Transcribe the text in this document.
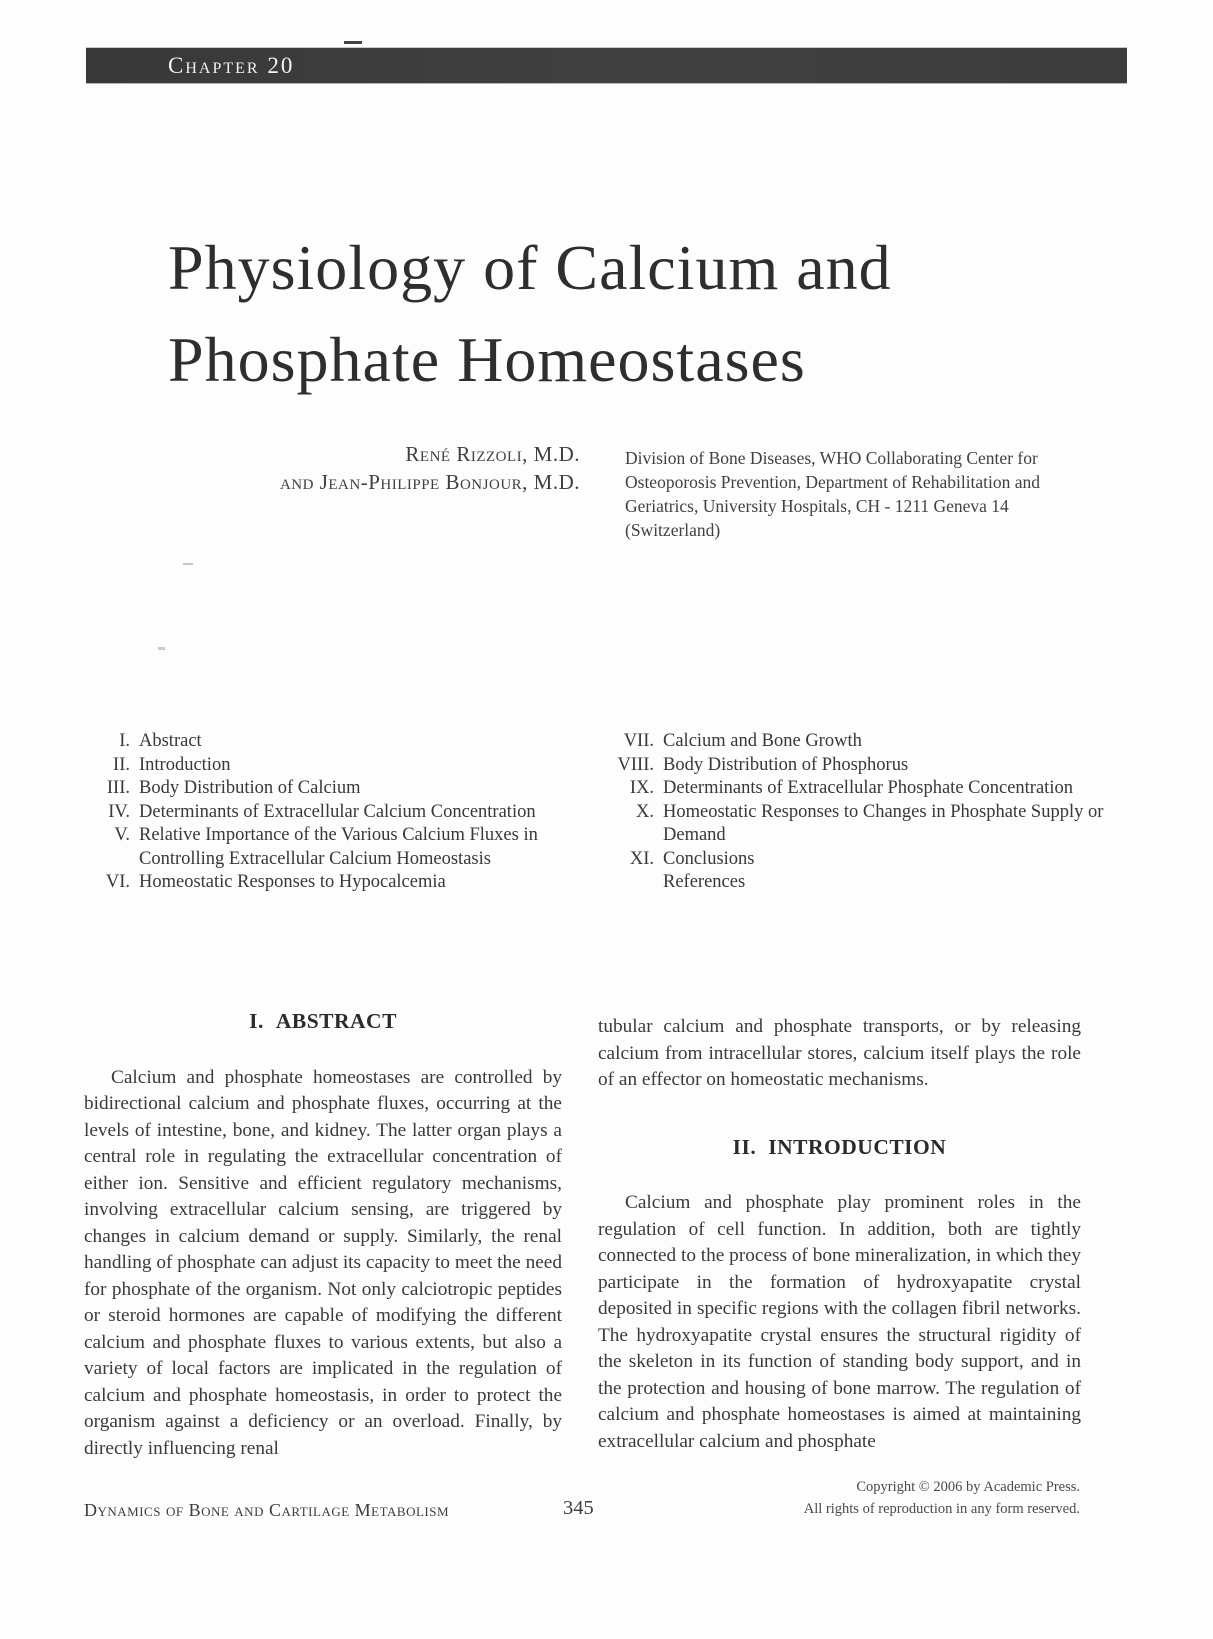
Chapter 20
Physiology of Calcium and
Phosphate Homeostases
René Rizzoli, M.D.
and Jean-Philippe Bonjour, M.D.
Division of Bone Diseases, WHO Collaborating Center for Osteoporosis Prevention, Department of Rehabilitation and Geriatrics, University Hospitals, CH - 1211 Geneva 14 (Switzerland)
I. Abstract
II. Introduction
III. Body Distribution of Calcium
IV. Determinants of Extracellular Calcium Concentration
V. Relative Importance of the Various Calcium Fluxes in Controlling Extracellular Calcium Homeostasis
VI. Homeostatic Responses to Hypocalcemia
VII. Calcium and Bone Growth
VIII. Body Distribution of Phosphorus
IX. Determinants of Extracellular Phosphate Concentration
X. Homeostatic Responses to Changes in Phosphate Supply or Demand
XI. Conclusions
References
I. ABSTRACT

Calcium and phosphate homeostases are controlled by bidirectional calcium and phosphate fluxes, occurring at the levels of intestine, bone, and kidney. The latter organ plays a central role in regulating the extracellular concentration of either ion. Sensitive and efficient regulatory mechanisms, involving extracellular calcium sensing, are triggered by changes in calcium demand or supply. Similarly, the renal handling of phosphate can adjust its capacity to meet the need for phosphate of the organism. Not only calciotropic peptides or steroid hormones are capable of modifying the different calcium and phosphate fluxes to various extents, but also a variety of local factors are implicated in the regulation of calcium and phosphate homeostasis, in order to protect the organism against a deficiency or an overload. Finally, by directly influencing renal

tubular calcium and phosphate transports, or by releasing calcium from intracellular stores, calcium itself plays the role of an effector on homeostatic mechanisms.

II. INTRODUCTION

Calcium and phosphate play prominent roles in the regulation of cell function. In addition, both are tightly connected to the process of bone mineralization, in which they participate in the formation of hydroxyapatite crystal deposited in specific regions with the collagen fibril networks. The hydroxyapatite crystal ensures the structural rigidity of the skeleton in its function of standing body support, and in the protection and housing of bone marrow. The regulation of calcium and phosphate homeostases is aimed at maintaining extracellular calcium and phosphate

Dynamics of Bone and Cartilage Metabolism	345
Copyright © 2006 by Academic Press.
All rights of reproduction in any form reserved.
